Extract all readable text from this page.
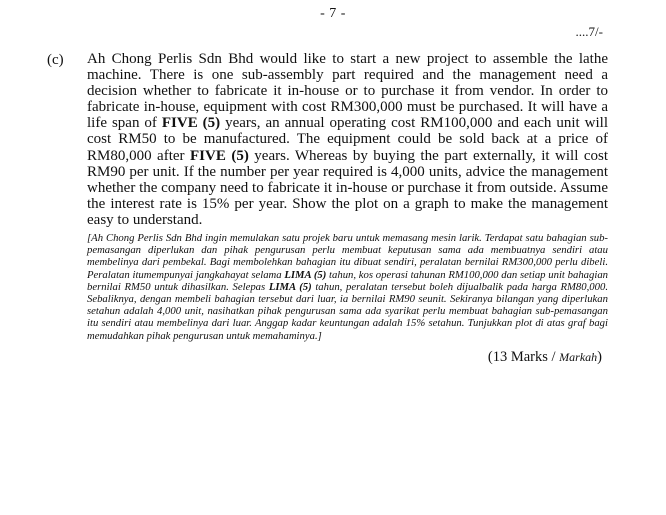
- 7 -
....7/-
(c) Ah Chong Perlis Sdn Bhd would like to start a new project to assemble the lathe machine. There is one sub-assembly part required and the management need a decision whether to fabricate it in-house or to purchase it from vendor. In order to fabricate in-house, equipment with cost RM300,000 must be purchased. It will have a life span of FIVE (5) years, an annual operating cost RM100,000 and each unit will cost RM50 to be manufactured. The equipment could be sold back at a price of RM80,000 after FIVE (5) years. Whereas by buying the part externally, it will cost RM90 per unit. If the number per year required is 4,000 units, advice the management whether the company need to fabricate it in-house or purchase it from outside. Assume the interest rate is 15% per year. Show the plot on a graph to make the management easy to understand.

[Ah Chong Perlis Sdn Bhd ingin memulakan satu projek baru untuk memasang mesin larik. Terdapat satu bahagian sub-pemasangan diperlukan dan pihak pengurusan perlu membuat keputusan sama ada membuatnya sendiri atau membelinya dari pembekal. Bagi membolehkan bahagian itu dibuat sendiri, peralatan bernilai RM300,000 perlu dibeli. Peralatan itumempunyai jangkahayat selama LIMA (5) tahun, kos operasi tahunan RM100,000 dan setiap unit bahagian bernilai RM50 untuk dihasilkan. Selepas LIMA (5) tahun, peralatan tersebut boleh dijualbalik pada harga RM80,000. Sebaliknya, dengan membeli bahagian tersebut dari luar, ia bernilai RM90 seunit. Sekiranya bilangan yang diperlukan setahun adalah 4,000 unit, nasihatkan pihak pengurusan sama ada syarikat perlu membuat bahagian sub-pemasangan itu sendiri atau membelinya dari luar. Anggap kadar keuntungan adalah 15% setahun. Tunjukkan plot di atas graf bagi memudahkan pihak pengurusan untuk memahaminya.]

(13 Marks / Markah)
